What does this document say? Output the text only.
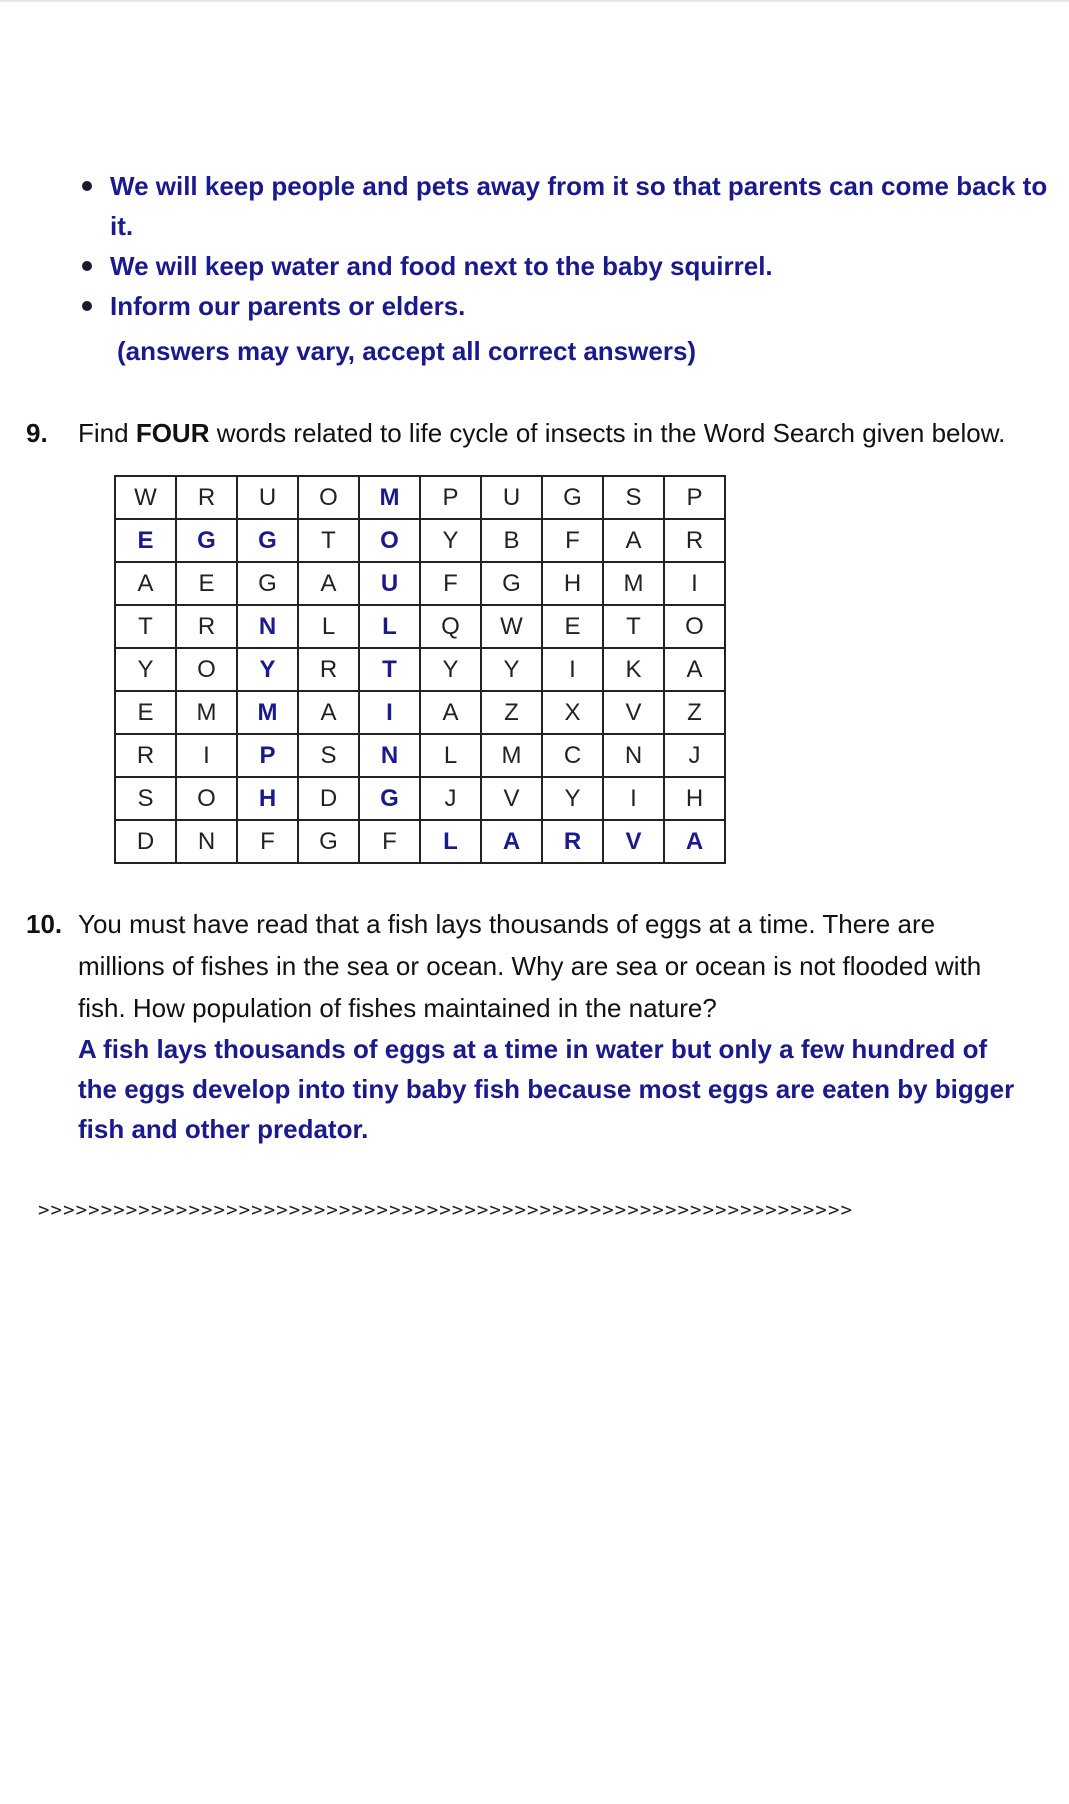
We will keep people and pets away from it so that parents can come back to it.
We will keep water and food next to the baby squirrel.
Inform our parents or elders.
(answers may vary, accept all correct answers)
9. Find FOUR words related to life cycle of insects in the Word Search given below.
W	R	U	O	M	P	U	G	S	P
E	G	G	T	O	Y	B	F	A	R
A	E	G	A	U	F	G	H	M	I
T	R	N	L	L	Q	W	E	T	O
Y	O	Y	R	T	Y	Y	I	K	A
E	M	M	A	I	A	Z	X	V	Z
R	I	P	S	N	L	M	C	N	J
S	O	H	D	G	J	V	Y	I	H
D	N	F	G	F	L	A	R	V	A
10. You must have read that a fish lays thousands of eggs at a time. There are
millions of fishes in the sea or ocean. Why are sea or ocean is not flooded with
fish. How population of fishes maintained in the nature?
A fish lays thousands of eggs at a time in water but only a few hundred of
the eggs develop into tiny baby fish because most eggs are eaten by bigger
fish and other predator.
>>>>>>>>>>>>>>>>>>>>>>>>>>>>>>>>>>>>>>>>>>>>>>>>>>>>>>>>>>>>>>>>>
